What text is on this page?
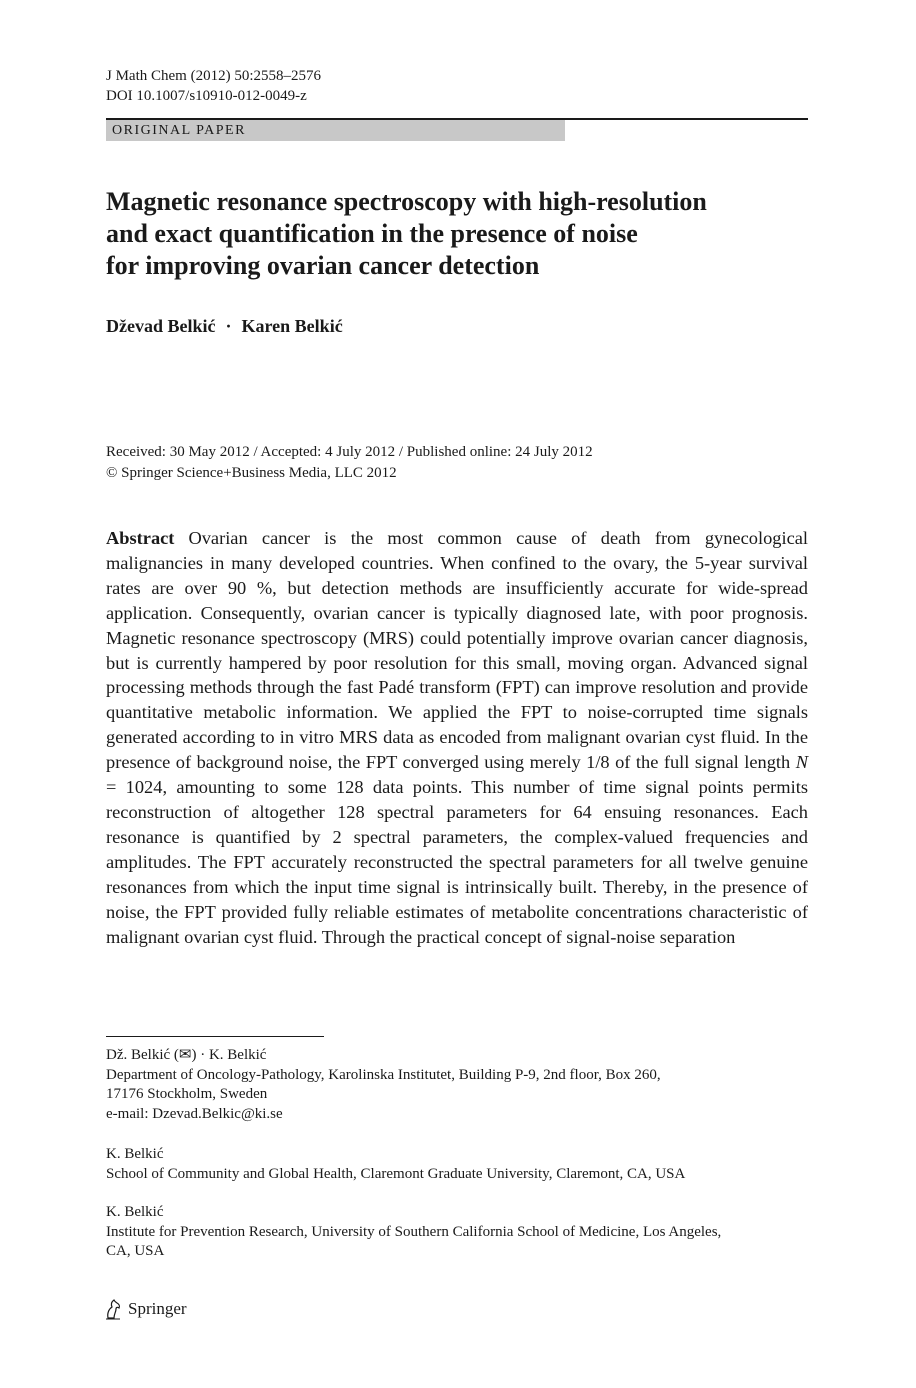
J Math Chem (2012) 50:2558–2576
DOI 10.1007/s10910-012-0049-z
ORIGINAL PAPER
Magnetic resonance spectroscopy with high-resolution
and exact quantification in the presence of noise
for improving ovarian cancer detection
Dževad Belkić · Karen Belkić
Received: 30 May 2012 / Accepted: 4 July 2012 / Published online: 24 July 2012
© Springer Science+Business Media, LLC 2012

Abstract Ovarian cancer is the most common cause of death from gynecological malignancies in many developed countries. When confined to the ovary, the 5-year survival rates are over 90 %, but detection methods are insufficiently accurate for wide-spread application. Consequently, ovarian cancer is typically diagnosed late, with poor prognosis. Magnetic resonance spectroscopy (MRS) could potentially improve ovarian cancer diagnosis, but is currently hampered by poor resolution for this small, moving organ. Advanced signal processing methods through the fast Padé transform (FPT) can improve resolution and provide quantitative metabolic information. We applied the FPT to noise-corrupted time signals generated according to in vitro MRS data as encoded from malignant ovarian cyst fluid. In the presence of background noise, the FPT converged using merely 1/8 of the full signal length N = 1024, amounting to some 128 data points. This number of time signal points permits reconstruction of altogether 128 spectral parameters for 64 ensuing resonances. Each resonance is quantified by 2 spectral parameters, the complex-valued frequencies and amplitudes. The FPT accurately reconstructed the spectral parameters for all twelve genuine resonances from which the input time signal is intrinsically built. Thereby, in the presence of noise, the FPT provided fully reliable estimates of metabolite concentrations characteristic of malignant ovarian cyst fluid. Through the practical concept of signal-noise separation

Dž. Belkić (✉) · K. Belkić
Department of Oncology-Pathology, Karolinska Institutet, Building P-9, 2nd floor, Box 260,
17176 Stockholm, Sweden
e-mail: Dzevad.Belkic@ki.se
K. Belkić
School of Community and Global Health, Claremont Graduate University, Claremont, CA, USA
K. Belkić
Institute for Prevention Research, University of Southern California School of Medicine, Los Angeles,
CA, USA
Springer
